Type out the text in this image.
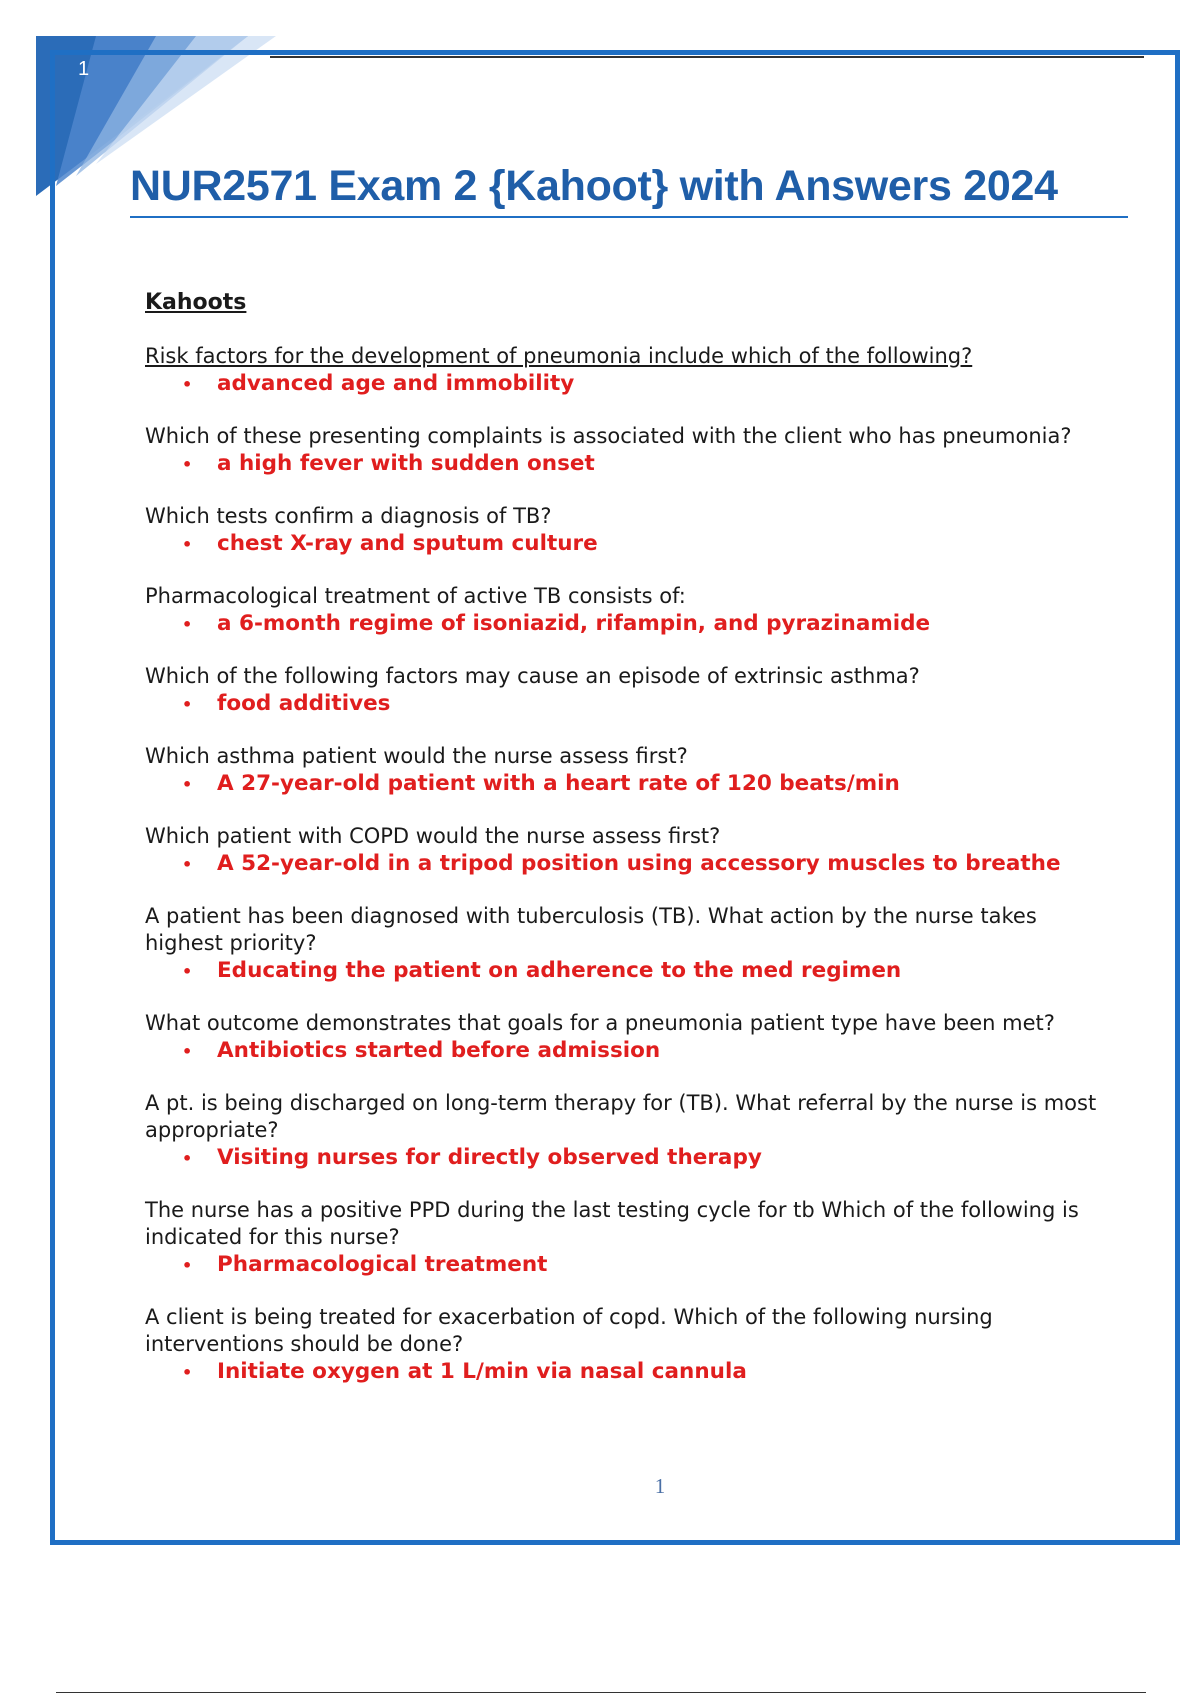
1
NUR2571 Exam 2 {Kahoot} with Answers 2024
Kahoots

Risk factors for the development of pneumonia include which of the following?

•	advanced age and immobility

Which of these presenting complaints is associated with the client who has pneumonia?

•	a high fever with sudden onset

Which tests confirm a diagnosis of TB?

•	chest X-ray and sputum culture

Pharmacological treatment of active TB consists of:

•	a 6-month regime of isoniazid, rifampin, and pyrazinamide

Which of the following factors may cause an episode of extrinsic asthma?

•	food additives

Which asthma patient would the nurse assess first?

•	A 27-year-old patient with a heart rate of 120 beats/min

Which patient with COPD would the nurse assess first?

•	A 52-year-old in a tripod position using accessory muscles to breathe

A patient has been diagnosed with tuberculosis (TB). What action by the nurse takes highest priority?

•	Educating the patient on adherence to the med regimen

What outcome demonstrates that goals for a pneumonia patient type have been met?

•	Antibiotics started before admission

A pt. is being discharged on long-term therapy for (TB). What referral by the nurse is most appropriate?

•	Visiting nurses for directly observed therapy

The nurse has a positive PPD during the last testing cycle for tb Which of the following is indicated for this nurse?

•	Pharmacological treatment

A client is being treated for exacerbation of copd. Which of the following nursing interventions should be done?

•	Initiate oxygen at 1 L/min via nasal cannula
1
